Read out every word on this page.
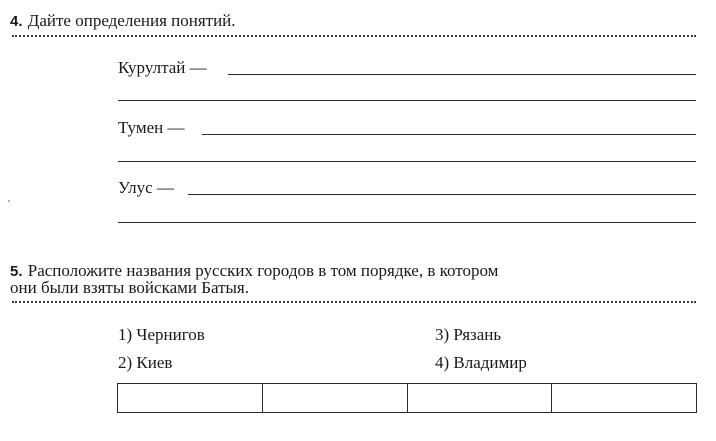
4. Дайте определения понятий.
Курултай —
Тумен —
Улус —
5. Расположите названия русских городов в том порядке, в котором
они были взяты войсками Батыя.
1) Чернигов
2) Киев
3) Рязань
4) Владимир
